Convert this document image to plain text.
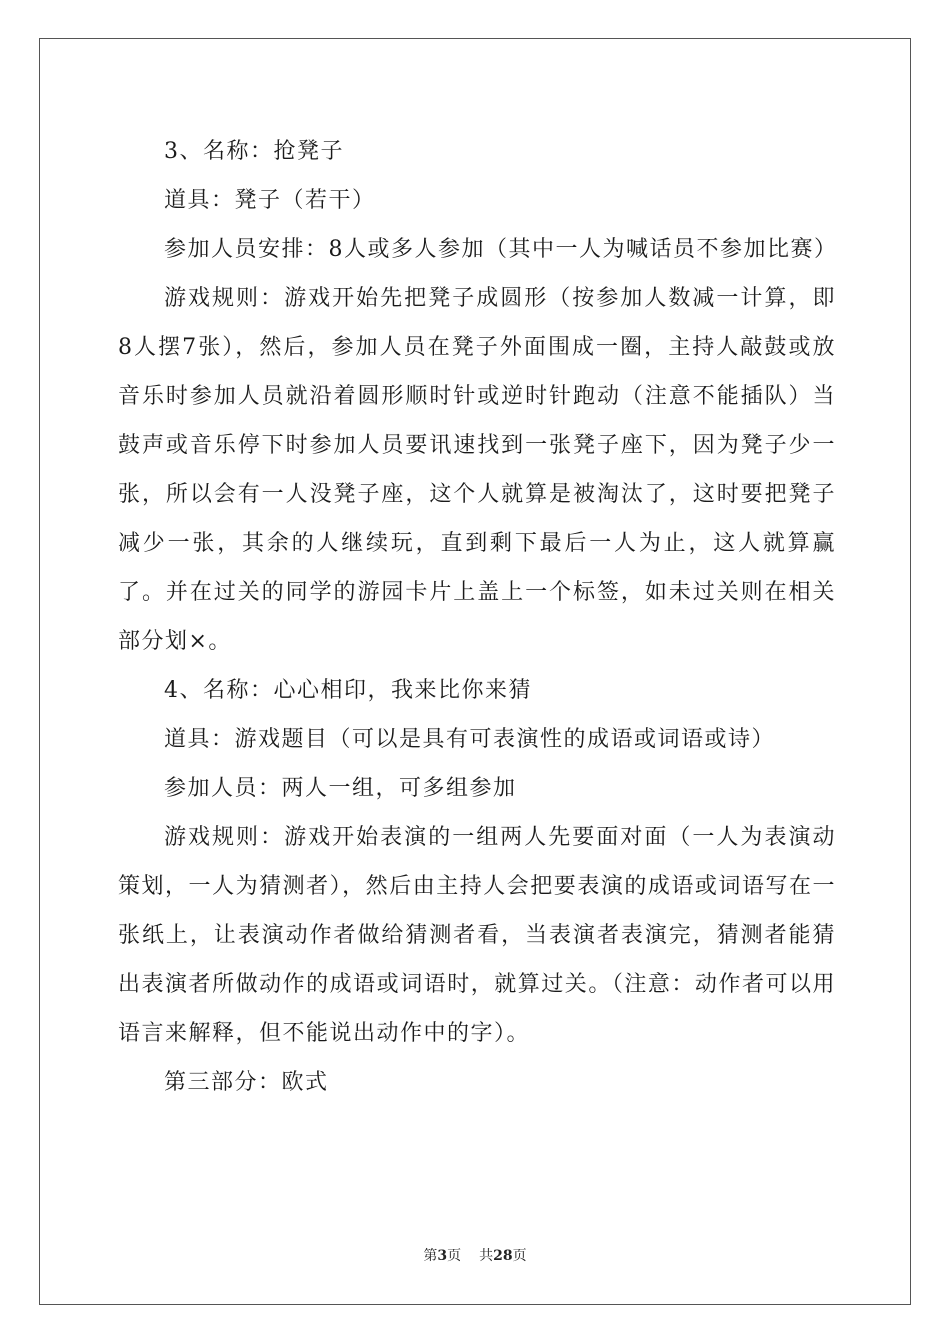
3、名称：抢凳子

道具：凳子（若干）

参加人员安排：8人或多人参加（其中一人为喊话员不参加比赛）

游戏规则：游戏开始先把凳子成圆形（按参加人数减一计算，即8人摆7张），然后，参加人员在凳子外面围成一圈，主持人敲鼓或放音乐时参加人员就沿着圆形顺时针或逆时针跑动（注意不能插队）当鼓声或音乐停下时参加人员要讯速找到一张凳子座下，因为凳子少一张，所以会有一人没凳子座，这个人就算是被淘汰了，这时要把凳子减少一张，其余的人继续玩，直到剩下最后一人为止，这人就算赢了。并在过关的同学的游园卡片上盖上一个标签，如未过关则在相关部分划×。

4、名称：心心相印，我来比你来猜

道具：游戏题目（可以是具有可表演性的成语或词语或诗）

参加人员：两人一组，可多组参加

游戏规则：游戏开始表演的一组两人先要面对面（一人为表演动策划，一人为猜测者），然后由主持人会把要表演的成语或词语写在一张纸上，让表演动作者做给猜测者看，当表演者表演完，猜测者能猜出表演者所做动作的成语或词语时，就算过关。（注意：动作者可以用语言来解释，但不能说出动作中的字）。

第三部分：欧式

第3页 共28页
